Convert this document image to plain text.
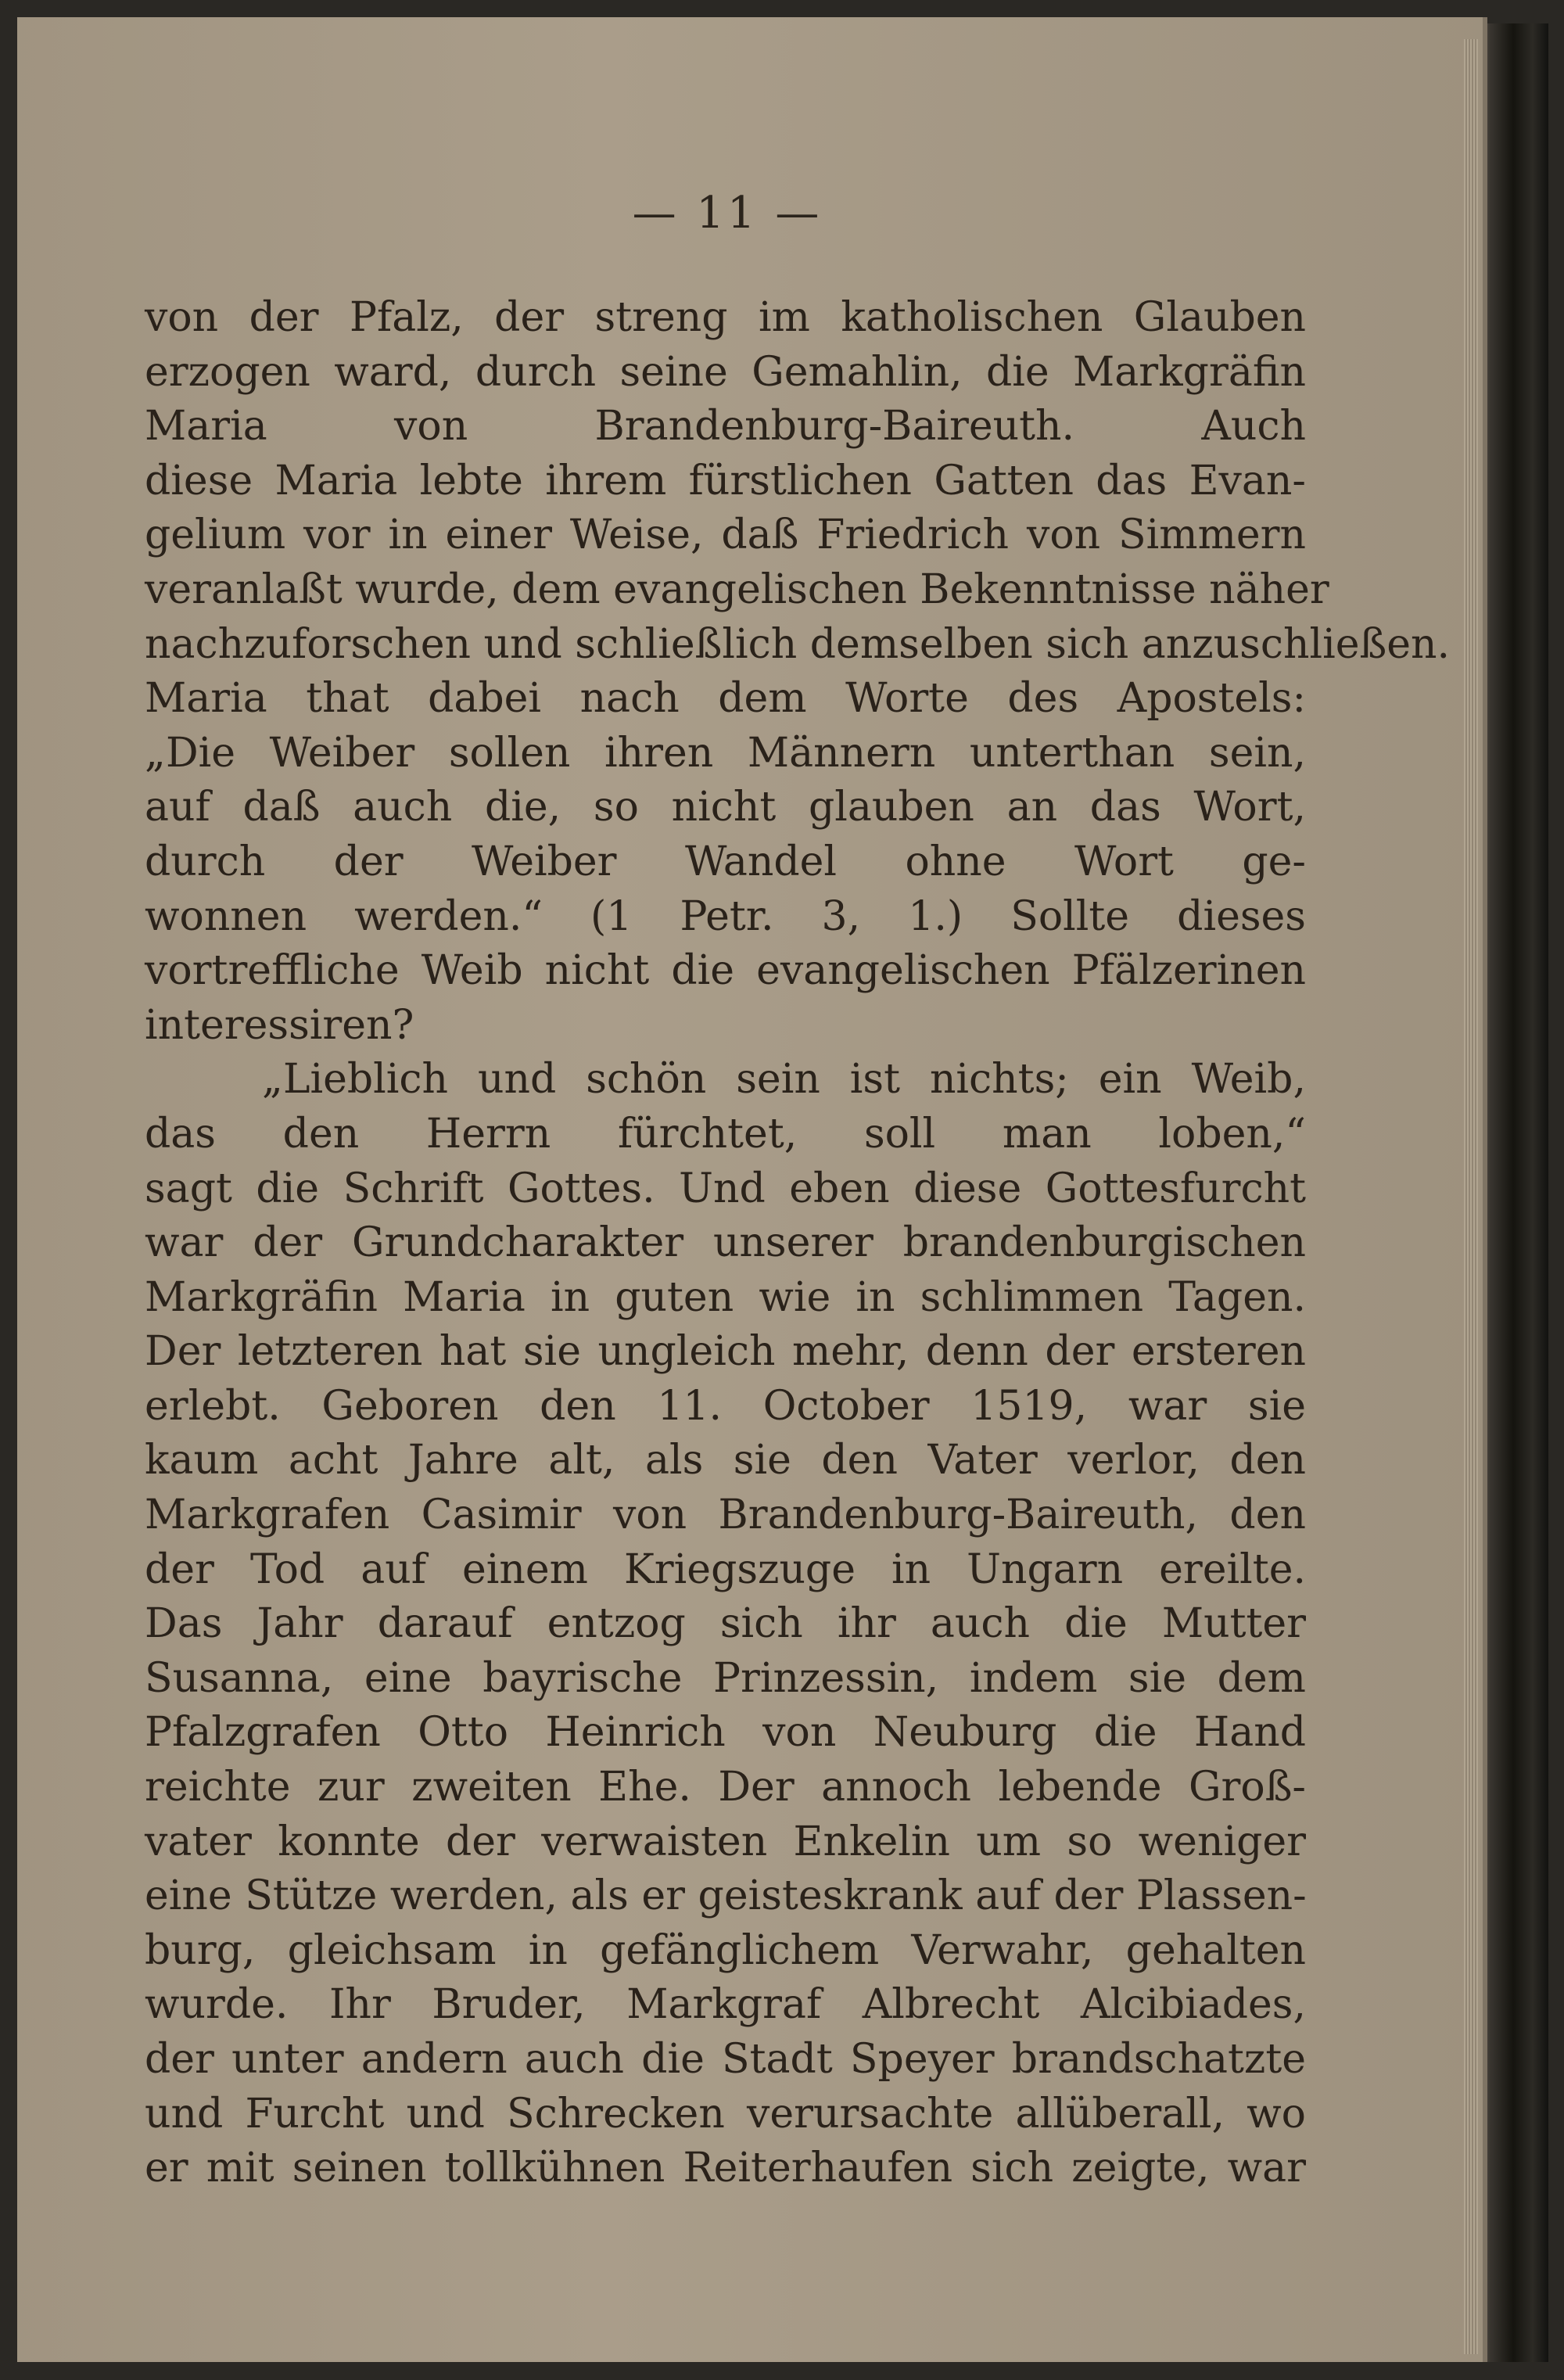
— 11 —
von der Pfalz, der streng im katholischen Glauben
erzogen ward, durch seine Gemahlin, die Markgräfin
Maria von Brandenburg-Baireuth. Auch
diese Maria lebte ihrem fürstlichen Gatten das Evan-
gelium vor in einer Weise, daß Friedrich von Simmern
veranlaßt wurde, dem evangelischen Bekenntnisse näher
nachzuforschen und schließlich demselben sich anzuschließen.
Maria that dabei nach dem Worte des Apostels:
„Die Weiber sollen ihren Männern unterthan sein,
auf daß auch die, so nicht glauben an das Wort,
durch der Weiber Wandel ohne Wort ge-
wonnen werden.“ (1 Petr. 3, 1.) Sollte dieses
vortreffliche Weib nicht die evangelischen Pfälzerinen
interessiren?
„Lieblich und schön sein ist nichts; ein Weib,
das den Herrn fürchtet, soll man loben,“
sagt die Schrift Gottes. Und eben diese Gottesfurcht
war der Grundcharakter unserer brandenburgischen
Markgräfin Maria in guten wie in schlimmen Tagen.
Der letzteren hat sie ungleich mehr, denn der ersteren
erlebt. Geboren den 11. October 1519, war sie
kaum acht Jahre alt, als sie den Vater verlor, den
Markgrafen Casimir von Brandenburg-Baireuth, den
der Tod auf einem Kriegszuge in Ungarn ereilte.
Das Jahr darauf entzog sich ihr auch die Mutter
Susanna, eine bayrische Prinzessin, indem sie dem
Pfalzgrafen Otto Heinrich von Neuburg die Hand
reichte zur zweiten Ehe. Der annoch lebende Groß-
vater konnte der verwaisten Enkelin um so weniger
eine Stütze werden, als er geisteskrank auf der Plassen-
burg, gleichsam in gefänglichem Verwahr, gehalten
wurde. Ihr Bruder, Markgraf Albrecht Alcibiades,
der unter andern auch die Stadt Speyer brandschatzte
und Furcht und Schrecken verursachte allüberall, wo
er mit seinen tollkühnen Reiterhaufen sich zeigte, war
